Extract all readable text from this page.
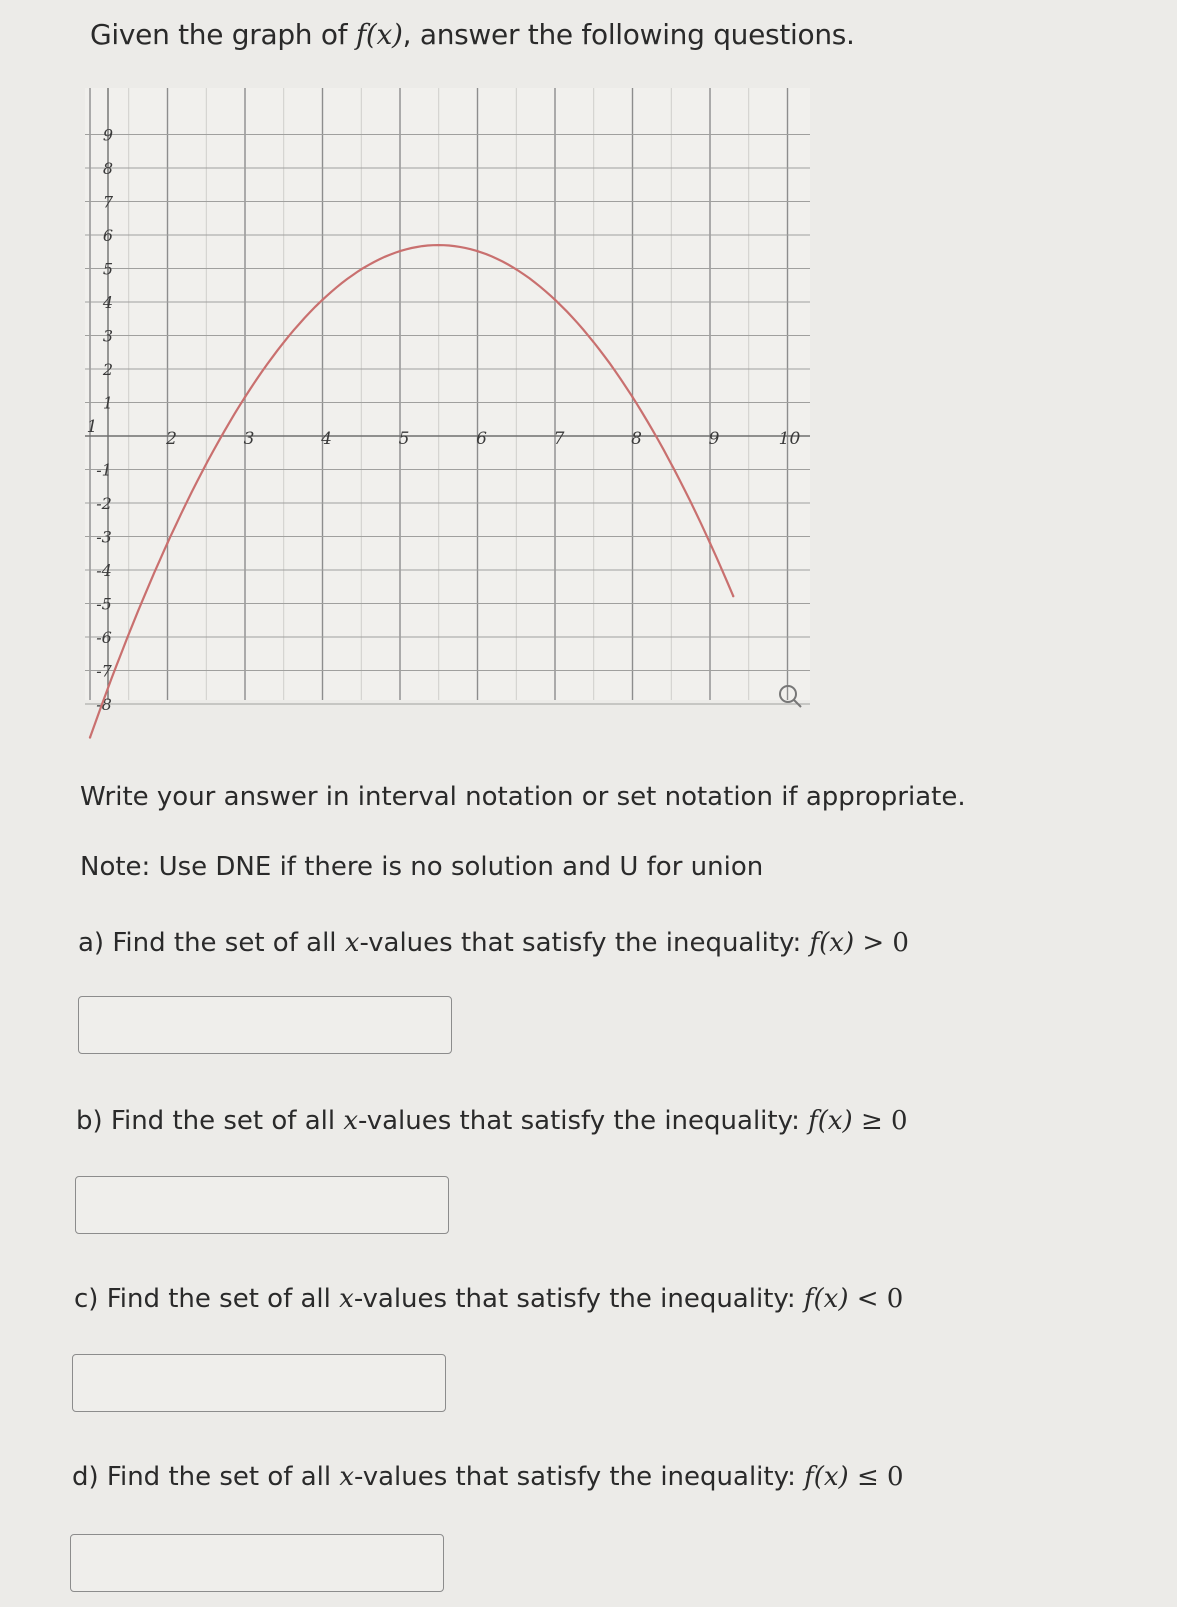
Given the graph of f(x), answer the following questions.
9
8
7
6
5
4
3
2
1
-1
-2
-3
-4
-5
-6
-7
-8
2	3	4	5	6	7	8	9	10
1
Write your answer in interval notation or set notation if appropriate.
Note: Use DNE if there is no solution and U for union
a) Find the set of all x-values that satisfy the inequality: f(x) > 0
b) Find the set of all x-values that satisfy the inequality: f(x) ≥ 0
c) Find the set of all x-values that satisfy the inequality: f(x) < 0
d) Find the set of all x-values that satisfy the inequality: f(x) ≤ 0
